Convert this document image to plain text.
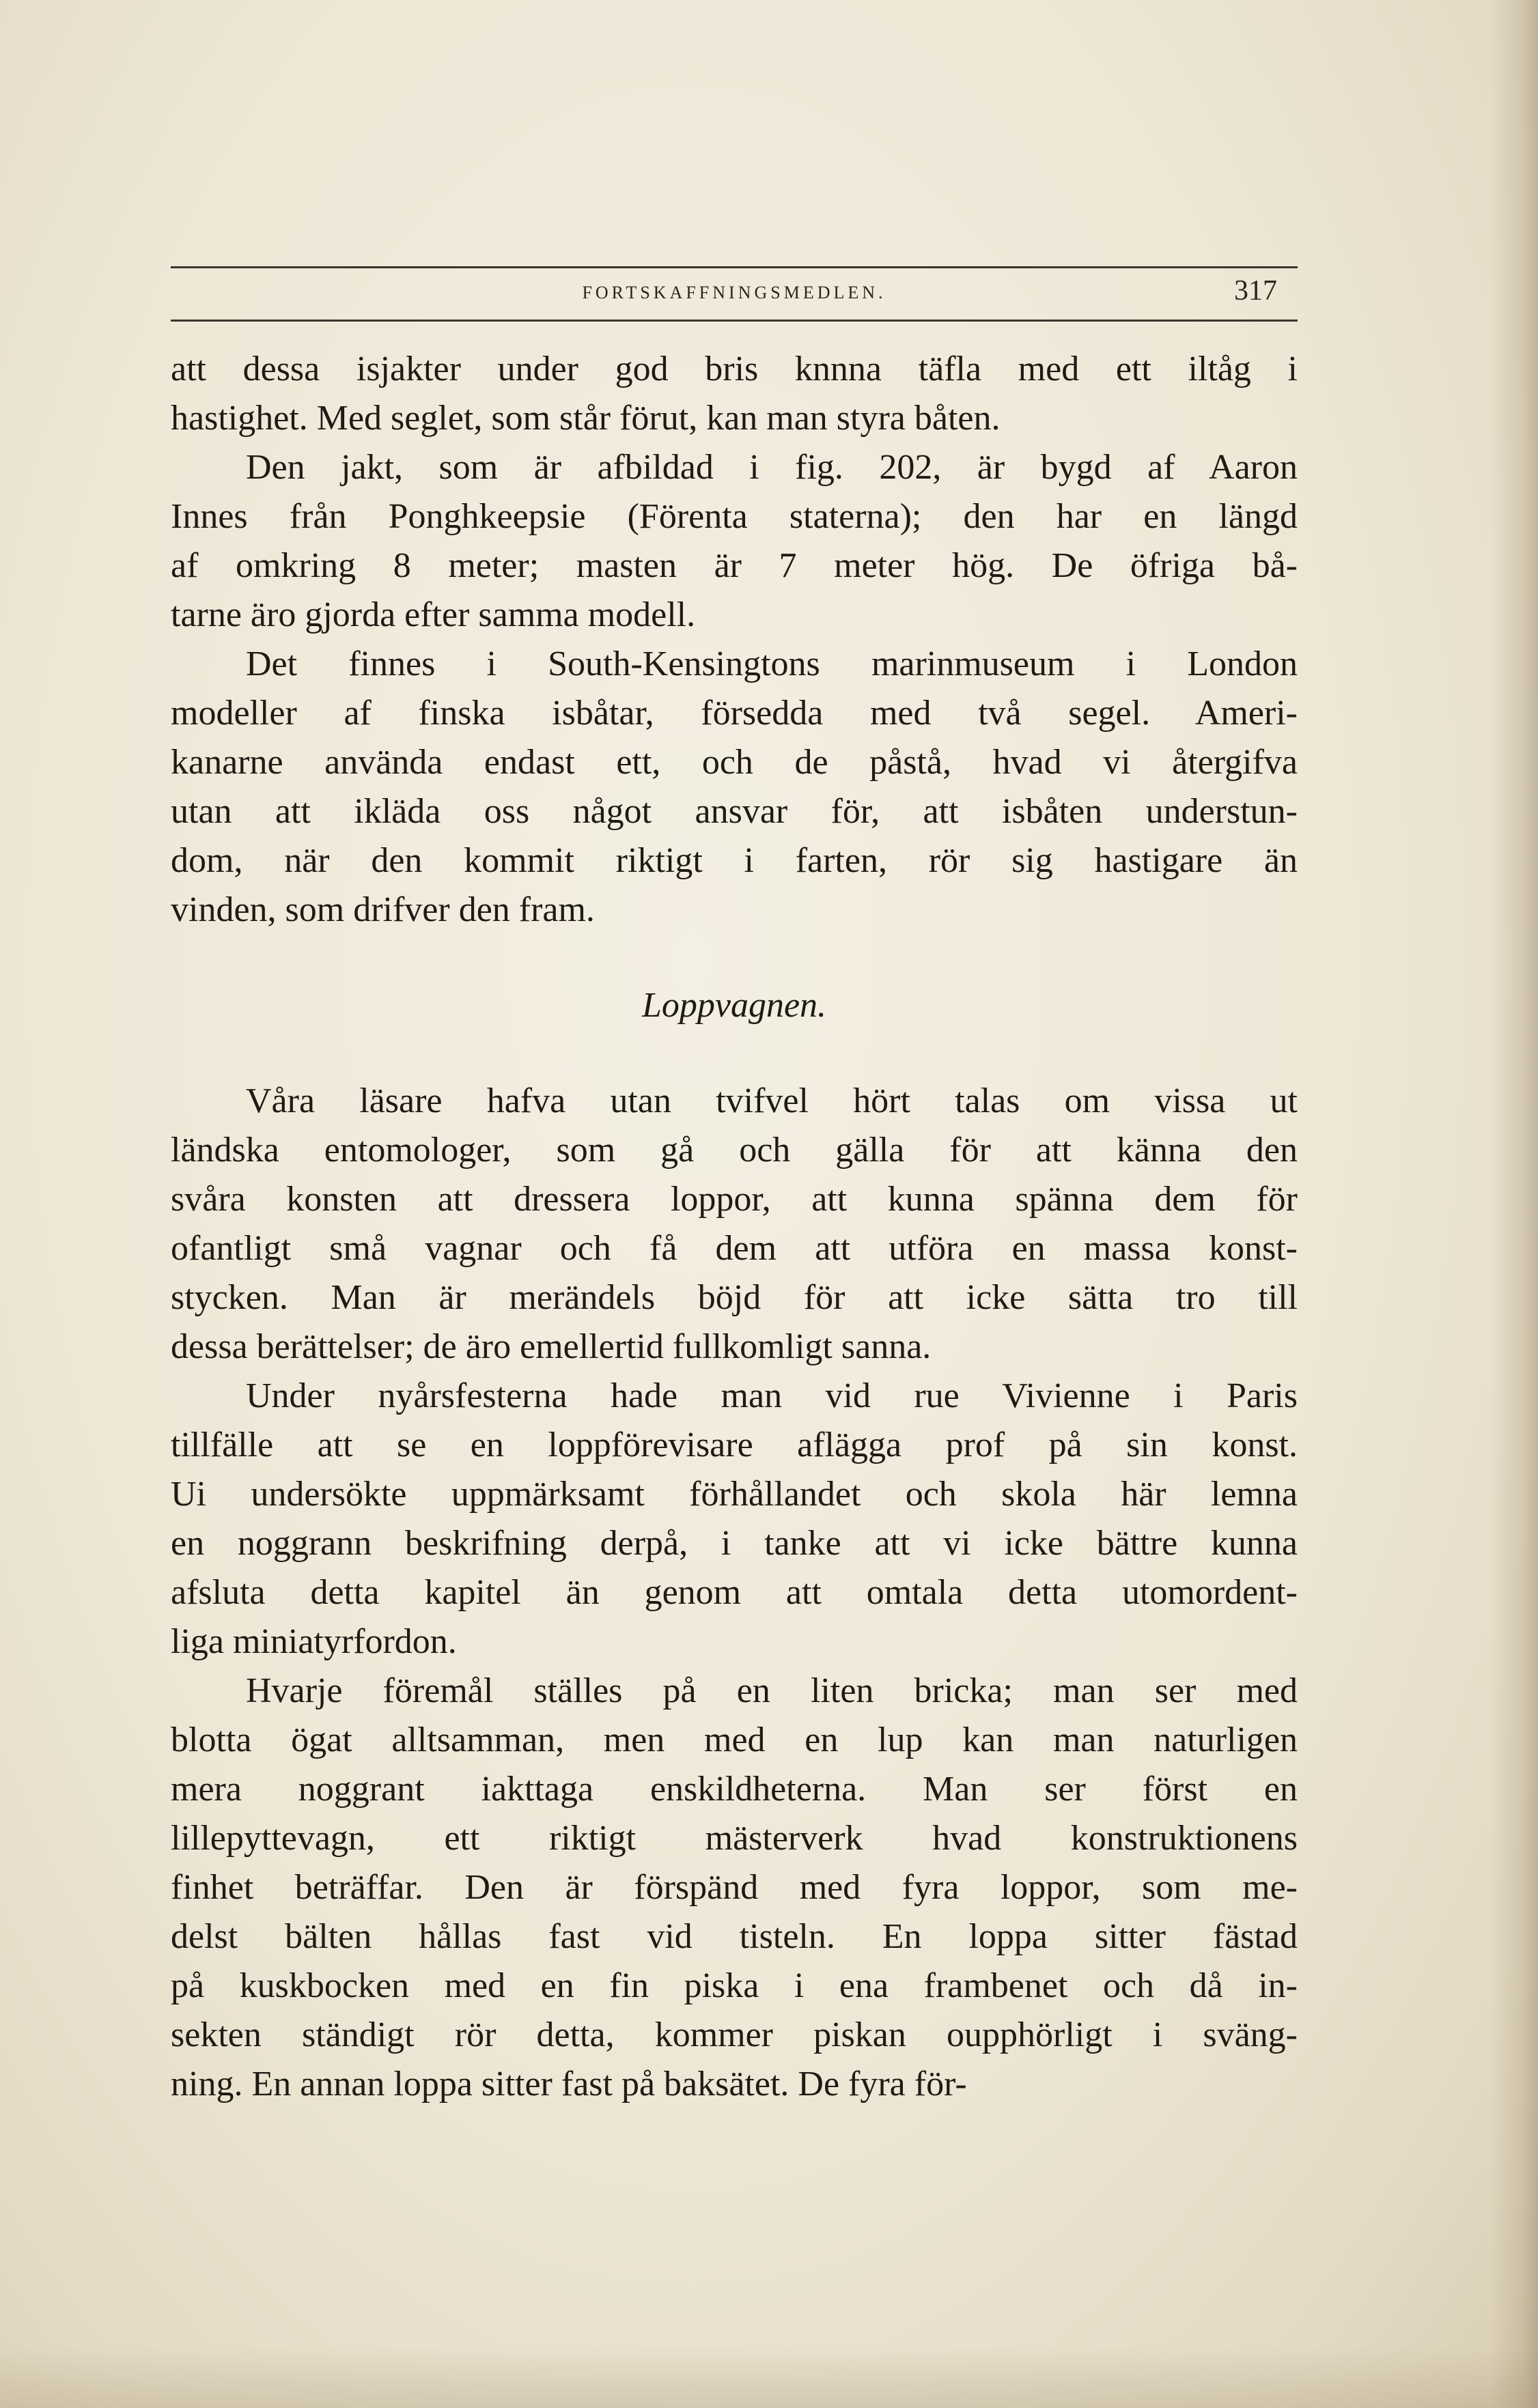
FORTSKAFFNINGSMEDLEN.	317
att dessa isjakter under god bris knnna täfla med ett iltåg i
hastighet. Med seglet, som står förut, kan man styra båten.
Den jakt, som är afbildad i fig. 202, är bygd af Aaron
Innes från Ponghkeepsie (Förenta staterna); den har en längd
af omkring 8 meter; masten är 7 meter hög. De öfriga bå-
tarne äro gjorda efter samma modell.
Det finnes i South-Kensingtons marinmuseum i London
modeller af finska isbåtar, försedda med två segel. Ameri-
kanarne använda endast ett, och de påstå, hvad vi återgifva
utan att ikläda oss något ansvar för, att isbåten understun-
dom, när den kommit riktigt i farten, rör sig hastigare än
vinden, som drifver den fram.
Loppvagnen.
Våra läsare hafva utan tvifvel hört talas om vissa ut
ländska entomologer, som gå och gälla för att känna den
svåra konsten att dressera loppor, att kunna spänna dem för
ofantligt små vagnar och få dem att utföra en massa konst-
stycken. Man är merändels böjd för att icke sätta tro till
dessa berättelser; de äro emellertid fullkomligt sanna.
Under nyårsfesterna hade man vid rue Vivienne i Paris
tillfälle att se en loppförevisare aflägga prof på sin konst.
Ui undersökte uppmärksamt förhållandet och skola här lemna
en noggrann beskrifning derpå, i tanke att vi icke bättre kunna
afsluta detta kapitel än genom att omtala detta utomordent-
liga miniatyrfordon.
Hvarje föremål ställes på en liten bricka; man ser med
blotta ögat alltsamman, men med en lup kan man naturligen
mera noggrant iakttaga enskildheterna. Man ser först en
lillepyttevagn, ett riktigt mästerverk hvad konstruktionens
finhet beträffar. Den är förspänd med fyra loppor, som me-
delst bälten hållas fast vid tisteln. En loppa sitter fästad
på kuskbocken med en fin piska i ena frambenet och då in-
sekten ständigt rör detta, kommer piskan oupphörligt i sväng-
ning. En annan loppa sitter fast på baksätet. De fyra för-
